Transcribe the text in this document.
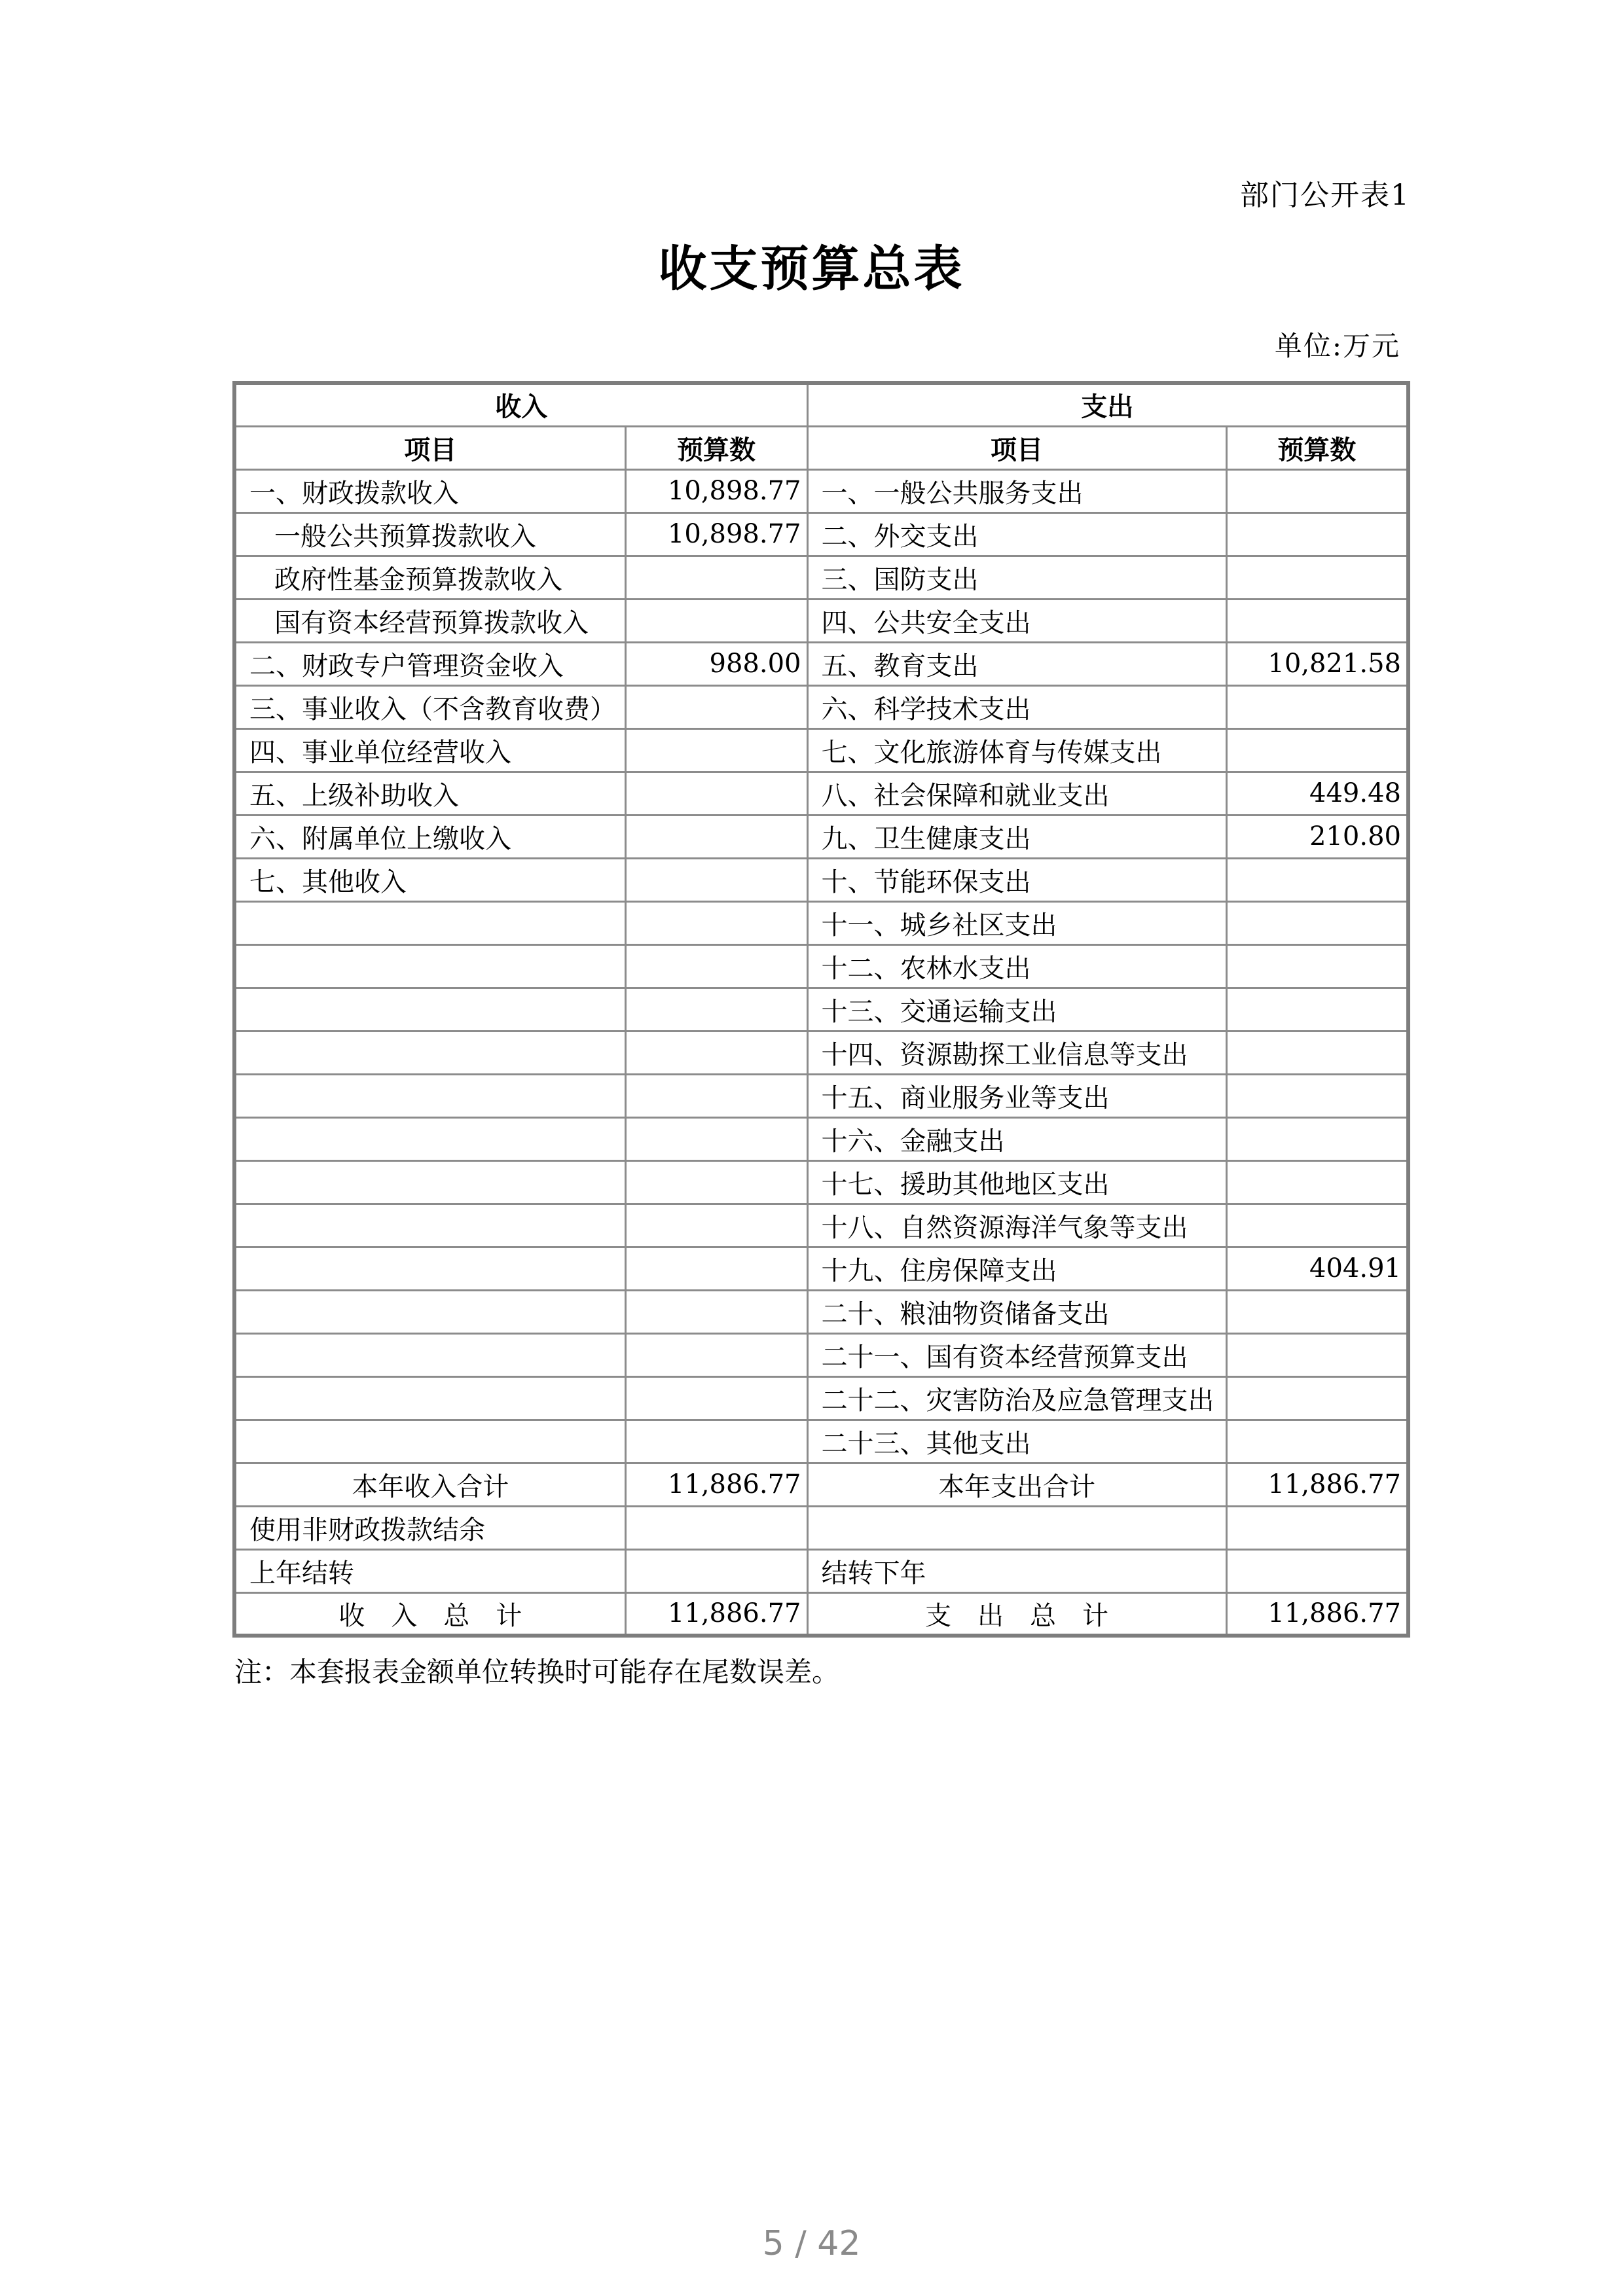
部门公开表1
收支预算总表
单位:万元
收入		支出	
项目	预算数	项目	预算数
一、财政拨款收入	10,898.77	一、一般公共服务支出	
一般公共预算拨款收入	10,898.77	二、外交支出	
政府性基金预算拨款收入		三、国防支出	
国有资本经营预算拨款收入		四、公共安全支出	
二、财政专户管理资金收入	988.00	五、教育支出	10,821.58
三、事业收入（不含教育收费）		六、科学技术支出	
四、事业单位经营收入		七、文化旅游体育与传媒支出	
五、上级补助收入		八、社会保障和就业支出	449.48
六、附属单位上缴收入		九、卫生健康支出	210.80
七、其他收入		十、节能环保支出	
		十一、城乡社区支出	
		十二、农林水支出	
		十三、交通运输支出	
		十四、资源勘探工业信息等支出	
		十五、商业服务业等支出	
		十六、金融支出	
		十七、援助其他地区支出	
		十八、自然资源海洋气象等支出	
		十九、住房保障支出	404.91
		二十、粮油物资储备支出	
		二十一、国有资本经营预算支出	
		二十二、灾害防治及应急管理支出	
		二十三、其他支出	
本年收入合计	11,886.77	本年支出合计	11,886.77
使用非财政拨款结余			
上年结转		结转下年	
收　入　总　计	11,886.77	支　出　总　计	11,886.77
注：本套报表金额单位转换时可能存在尾数误差。
5 / 42
